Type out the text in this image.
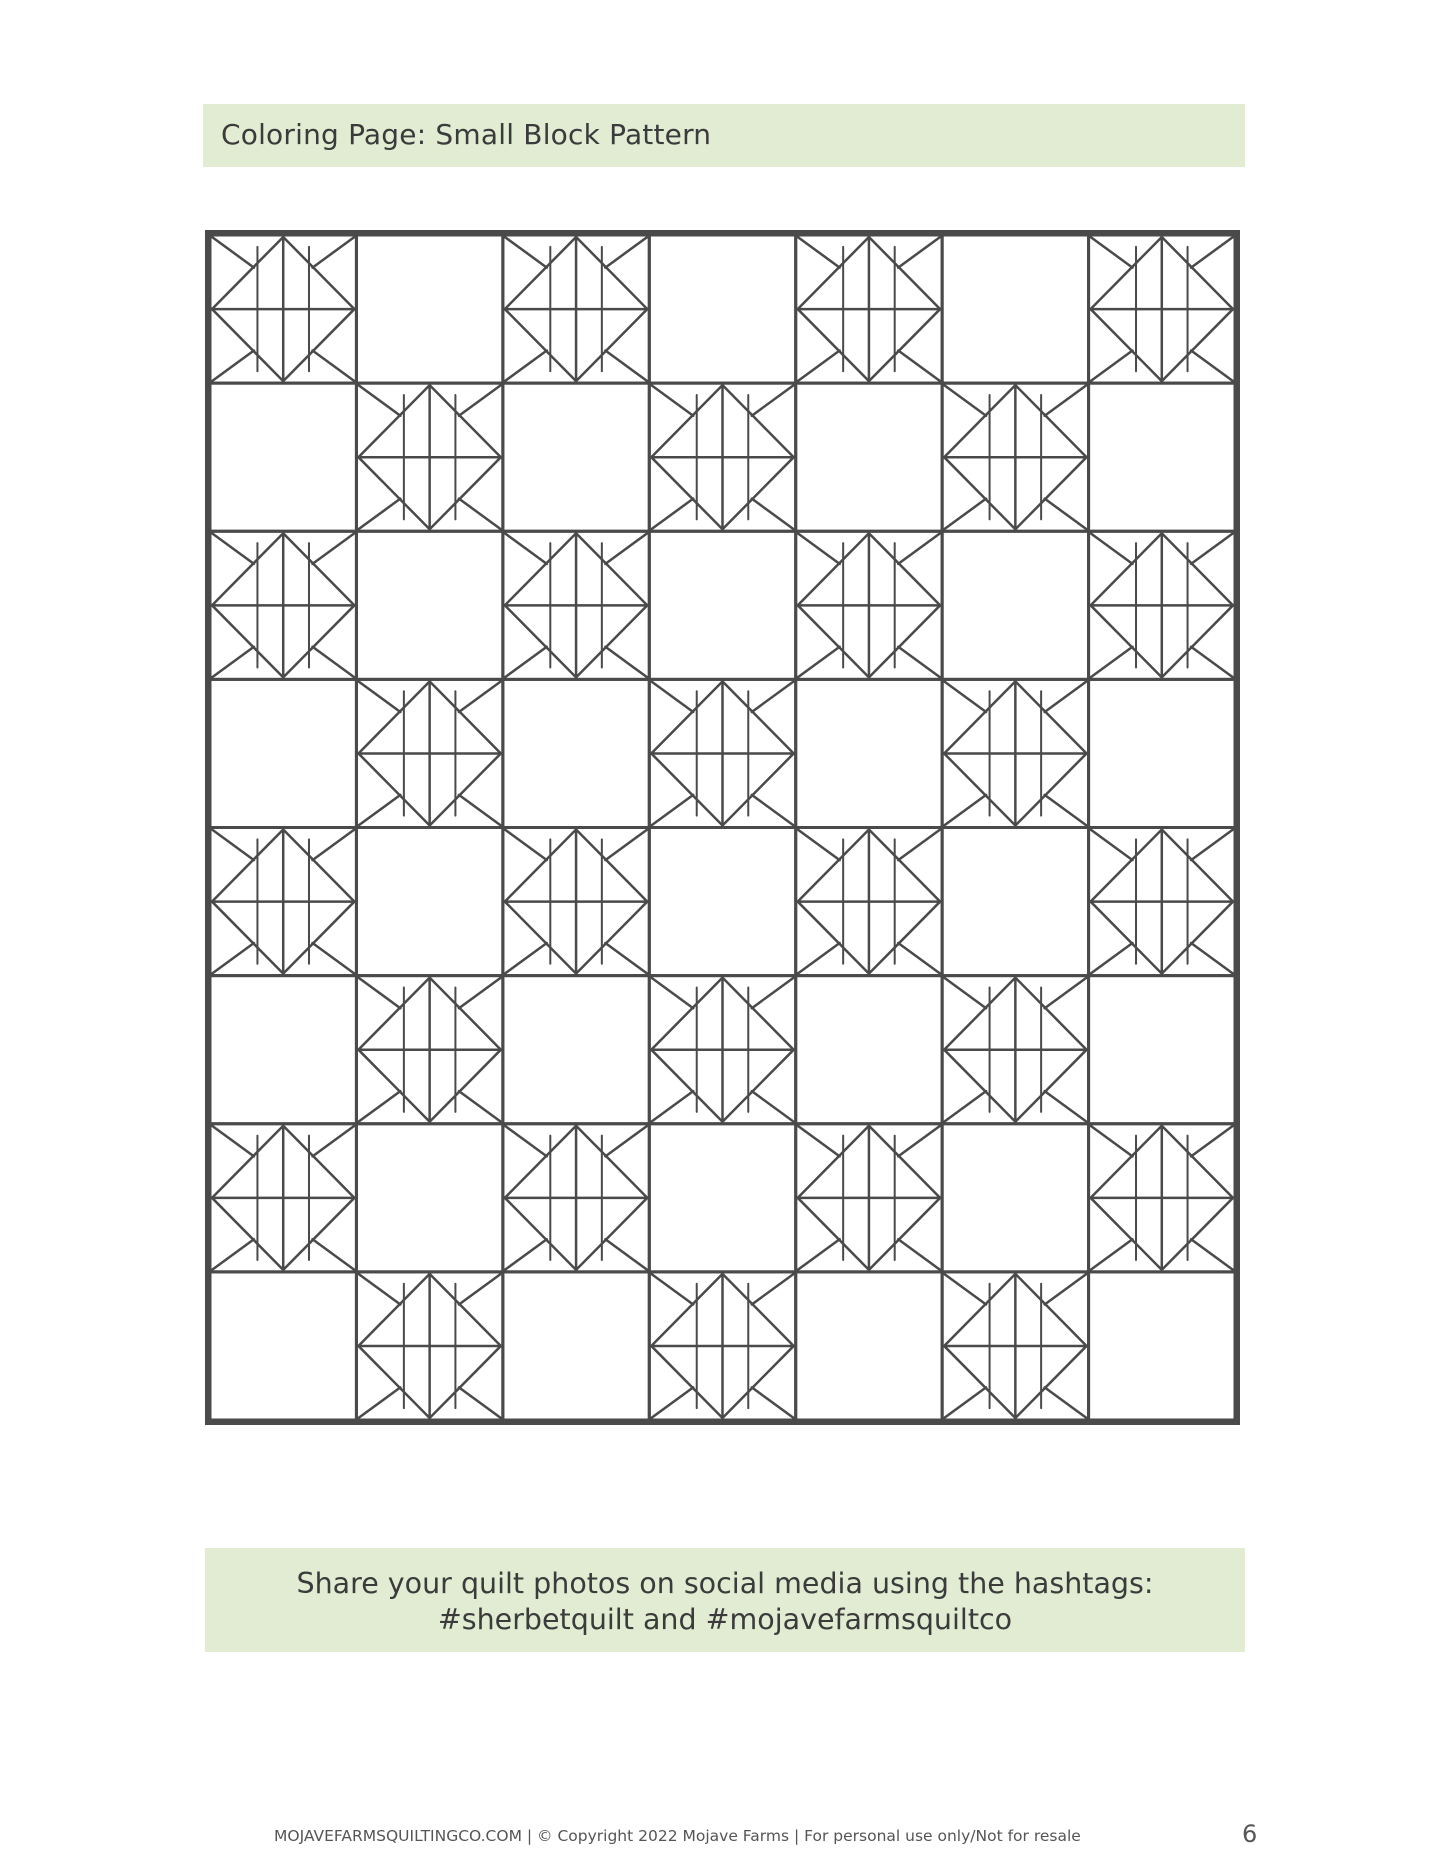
Coloring Page: Small Block Pattern
Share your quilt photos on social media using the hashtags:
#sherbetquilt and #mojavefarmsquiltco
MOJAVEFARMSQUILTINGCO.COM | © Copyright 2022 Mojave Farms | For personal use only/Not for resale	6
